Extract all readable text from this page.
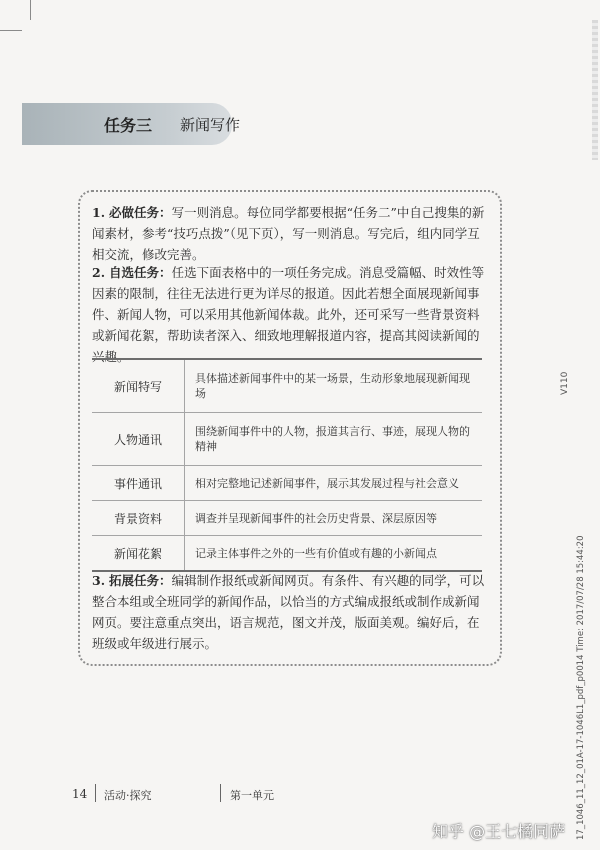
任务三 新闻写作
1. 必做任务：写一则消息。每位同学都要根据“任务二”中自己搜集的新闻素材，参考“技巧点拨”（见下页），写一则消息。写完后，组内同学互相交流，修改完善。
2. 自选任务：任选下面表格中的一项任务完成。消息受篇幅、时效性等因素的限制，往往无法进行更为详尽的报道。因此若想全面展现新闻事件、新闻人物，可以采用其他新闻体裁。此外，还可采写一些背景资料或新闻花絮，帮助读者深入、细致地理解报道内容，提高其阅读新闻的兴趣。
新闻特写	具体描述新闻事件中的某一场景，生动形象地展现新闻现场
人物通讯	围绕新闻事件中的人物，报道其言行、事迹，展现人物的精神
事件通讯	相对完整地记述新闻事件，展示其发展过程与社会意义
背景资料	调查并呈现新闻事件的社会历史背景、深层原因等
新闻花絮	记录主体事件之外的一些有价值或有趣的小新闻点
3. 拓展任务：编辑制作报纸或新闻网页。有条件、有兴趣的同学，可以整合本组或全班同学的新闻作品，以恰当的方式编成报纸或制作成新闻网页。要注意重点突出，语言规范，图文并茂，版面美观。编好后，在班级或年级进行展示。
14 活动·探究	第一单元
V110
17_1046_11_12_01A-17-1046L1_pdf_p0014 Time: 2017/07/28 15:44:20
知乎 @王七橘同萨
